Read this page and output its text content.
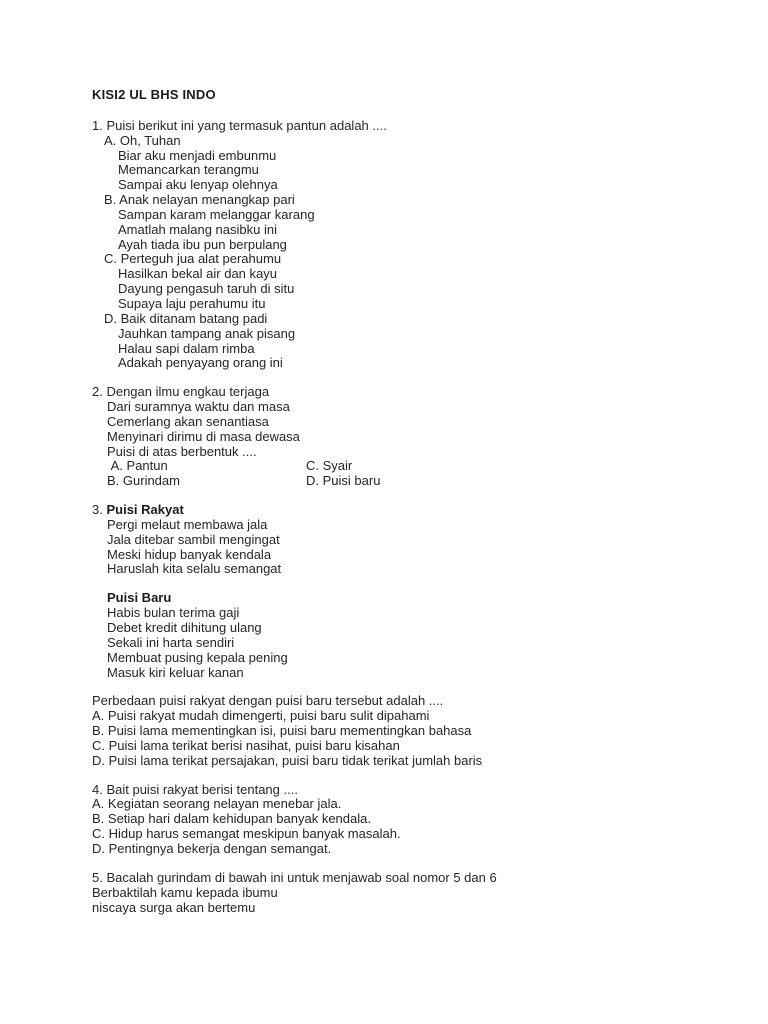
KISI2 UL BHS INDO
1. Puisi berikut ini yang termasuk pantun adalah ....
A. Oh, Tuhan
Biar aku menjadi embunmu
Memancarkan terangmu
Sampai aku lenyap olehnya
B. Anak nelayan menangkap pari
Sampan karam melanggar karang
Amatlah malang nasibku ini
Ayah tiada ibu pun berpulang
C. Perteguh jua alat perahumu
Hasilkan bekal air dan kayu
Dayung pengasuh taruh di situ
Supaya laju perahumu itu
D. Baik ditanam batang padi
Jauhkan tampang anak pisang
Halau sapi dalam rimba
Adakah penyayang orang ini
2. Dengan ilmu engkau terjaga
Dari suramnya waktu dan masa
Cemerlang akan senantiasa
Menyinari dirimu di masa dewasa
Puisi di atas berbentuk ....
A. Pantun	C. Syair
B. Gurindam	D. Puisi baru
3. Puisi Rakyat
Pergi melaut membawa jala
Jala ditebar sambil mengingat
Meski hidup banyak kendala
Haruslah kita selalu semangat
Puisi Baru
Habis bulan terima gaji
Debet kredit dihitung ulang
Sekali ini harta sendiri
Membuat pusing kepala pening
Masuk kiri keluar kanan
Perbedaan puisi rakyat dengan puisi baru tersebut adalah ....
A. Puisi rakyat mudah dimengerti, puisi baru sulit dipahami
B. Puisi lama mementingkan isi, puisi baru mementingkan bahasa
C. Puisi lama terikat berisi nasihat, puisi baru kisahan
D. Puisi lama terikat persajakan, puisi baru tidak terikat jumlah baris
4. Bait puisi rakyat berisi tentang ....
A. Kegiatan seorang nelayan menebar jala.
B. Setiap hari dalam kehidupan banyak kendala.
C. Hidup harus semangat meskipun banyak masalah.
D. Pentingnya bekerja dengan semangat.
5. Bacalah gurindam di bawah ini untuk menjawab soal nomor 5 dan 6
Berbaktilah kamu kepada ibumu
niscaya surga akan bertemu
